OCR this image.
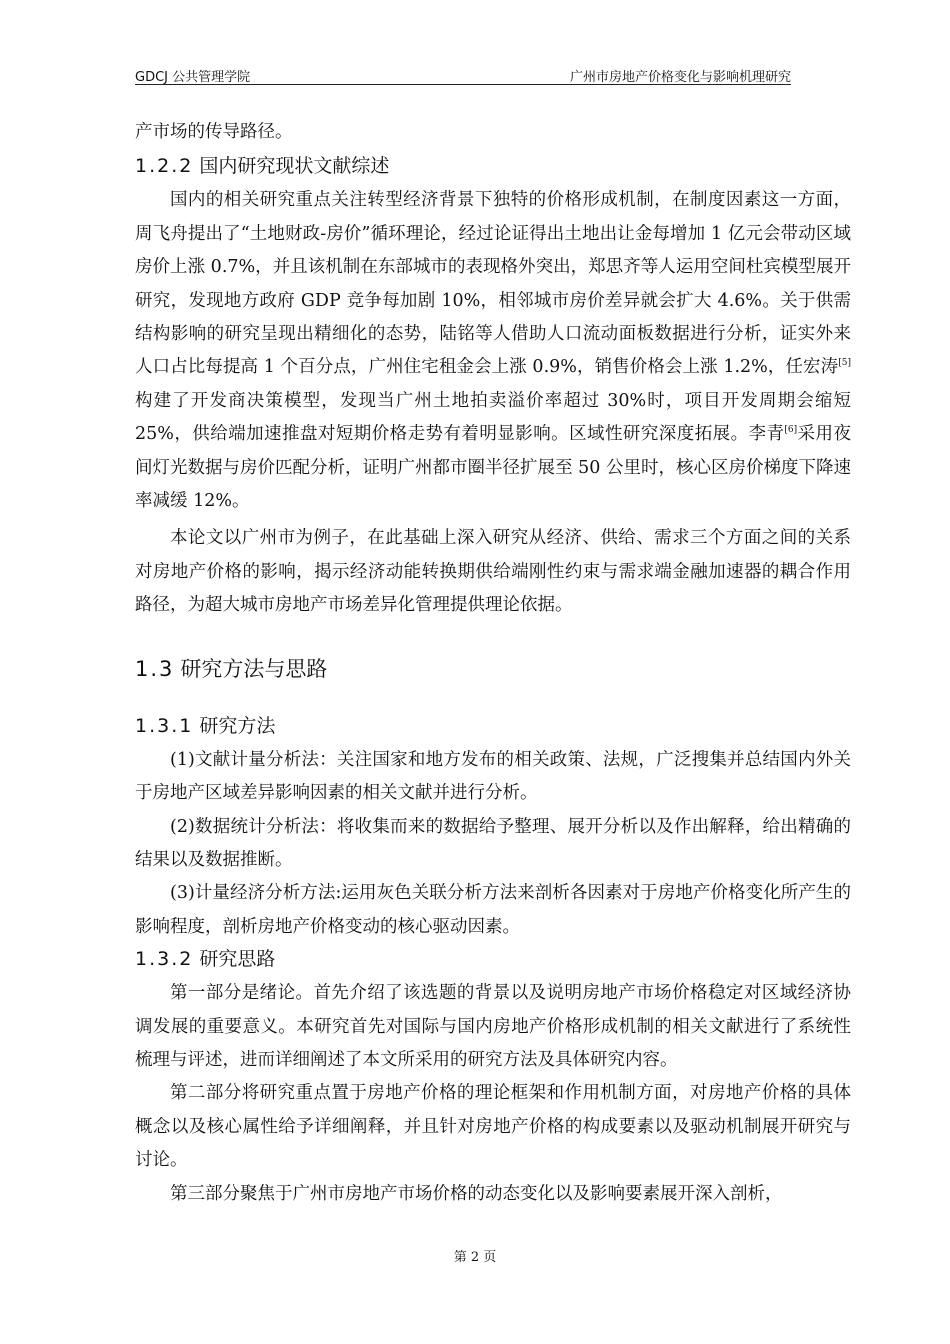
GDCJ 公共管理学院	广州市房地产价格变化与影响机理研究

产市场的传导路径。

1.2.2 国内研究现状文献综述

国内的相关研究重点关注转型经济背景下独特的价格形成机制，在制度因素这一方面，周飞舟提出了“土地财政-房价”循环理论，经过论证得出土地出让金每增加 1 亿元会带动区域房价上涨 0.7%，并且该机制在东部城市的表现格外突出，郑思齐等人运用空间杜宾模型展开研究，发现地方政府 GDP 竞争每加剧 10%，相邻城市房价差异就会扩大 4.6%。关于供需结构影响的研究呈现出精细化的态势，陆铭等人借助人口流动面板数据进行分析，证实外来人口占比每提高 1 个百分点，广州住宅租金会上涨 0.9%，销售价格会上涨 1.2%，任宏涛[5]构建了开发商决策模型，发现当广州土地拍卖溢价率超过 30%时，项目开发周期会缩短 25%，供给端加速推盘对短期价格走势有着明显影响。区域性研究深度拓展。李青[6]采用夜间灯光数据与房价匹配分析，证明广州都市圈半径扩展至 50 公里时，核心区房价梯度下降速率减缓 12%。

本论文以广州市为例子，在此基础上深入研究从经济、供给、需求三个方面之间的关系对房地产价格的影响，揭示经济动能转换期供给端刚性约束与需求端金融加速器的耦合作用路径，为超大城市房地产市场差异化管理提供理论依据。

1.3 研究方法与思路
1.3.1 研究方法

(1)文献计量分析法：关注国家和地方发布的相关政策、法规，广泛搜集并总结国内外关于房地产区域差异影响因素的相关文献并进行分析。

(2)数据统计分析法：将收集而来的数据给予整理、展开分析以及作出解释，给出精确的结果以及数据推断。

(3)计量经济分析方法:运用灰色关联分析方法来剖析各因素对于房地产价格变化所产生的影响程度，剖析房地产价格变动的核心驱动因素。

1.3.2 研究思路

第一部分是绪论。首先介绍了该选题的背景以及说明房地产市场价格稳定对区域经济协调发展的重要意义。本研究首先对国际与国内房地产价格形成机制的相关文献进行了系统性梳理与评述，进而详细阐述了本文所采用的研究方法及具体研究内容。

第二部分将研究重点置于房地产价格的理论框架和作用机制方面，对房地产价格的具体概念以及核心属性给予详细阐释，并且针对房地产价格的构成要素以及驱动机制展开研究与讨论。

第三部分聚焦于广州市房地产市场价格的动态变化以及影响要素展开深入剖析，

第 2 页
